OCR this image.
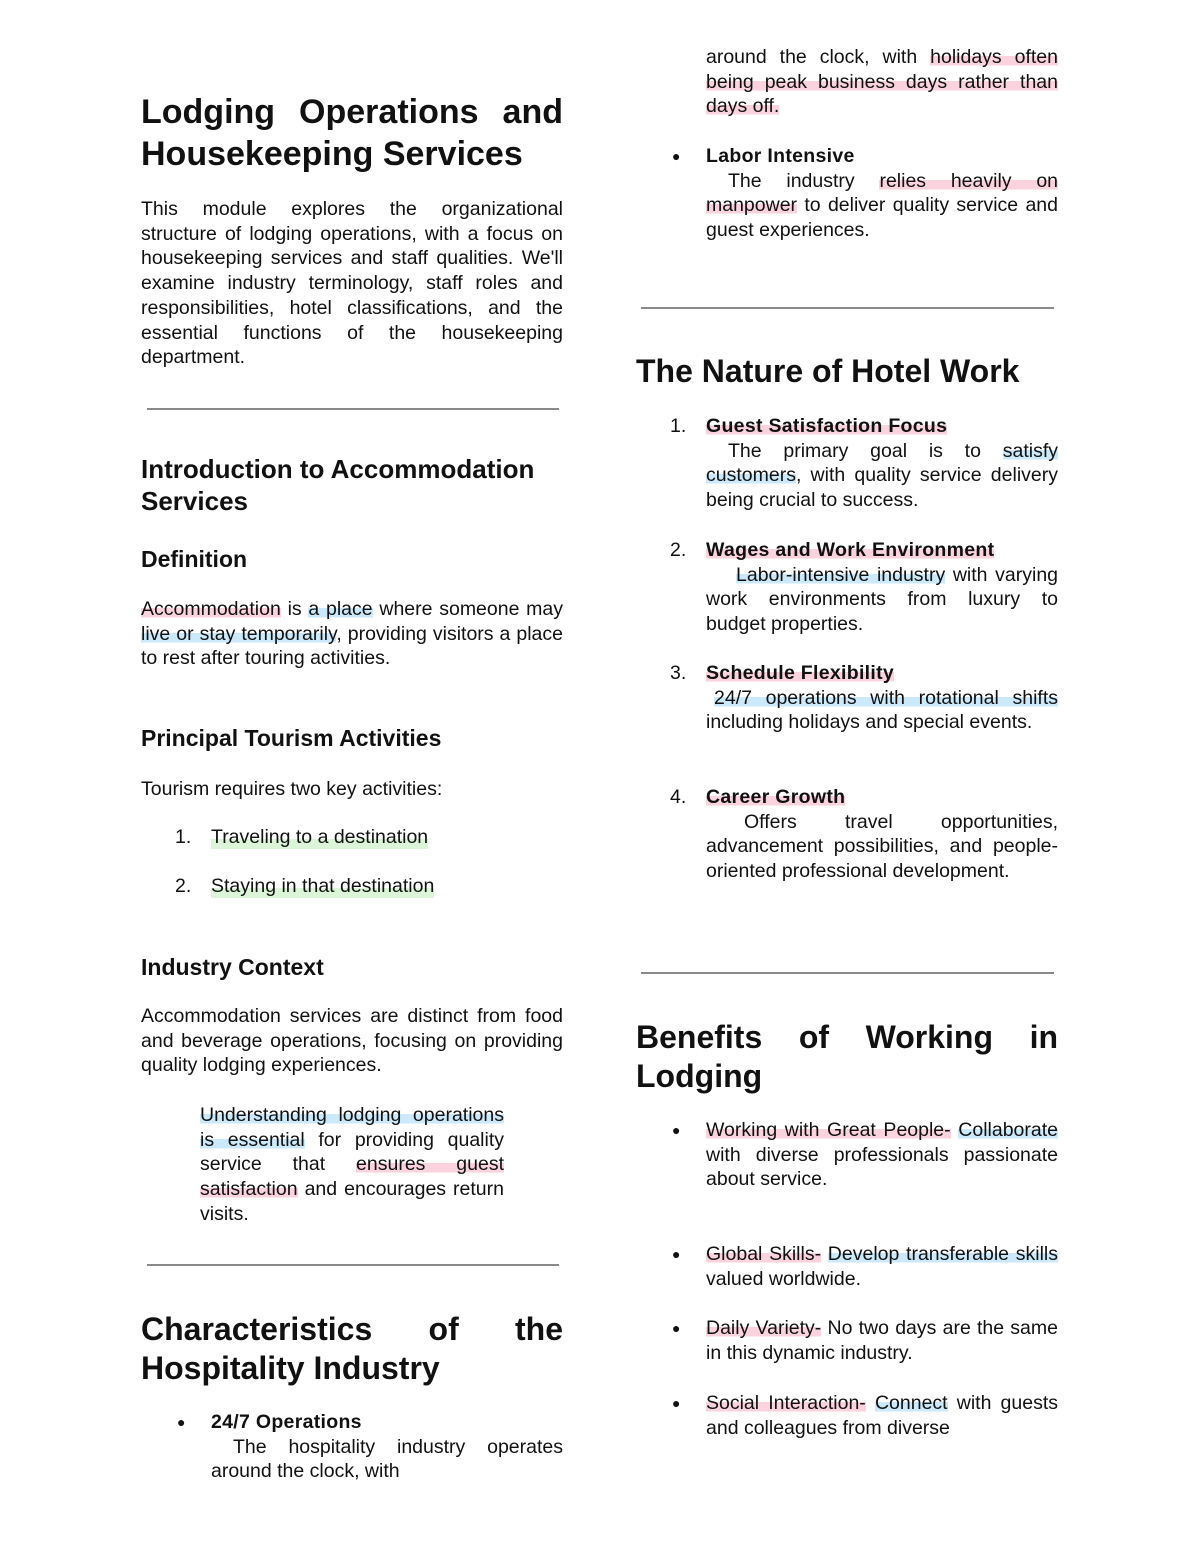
Lodging Operations and Housekeeping Services

This module explores the organizational structure of lodging operations, with a focus on housekeeping services and staff qualities. We'll examine industry terminology, staff roles and responsibilities, hotel classifications, and the essential functions of the housekeeping department.

Introduction to Accommodation Services
Definition

Accommodation is a place where someone may live or stay temporarily, providing visitors a place to rest after touring activities.

Principal Tourism Activities

Tourism requires two key activities:

1. Traveling to a destination
2. Staying in that destination
Industry Context

Accommodation services are distinct from food and beverage operations, focusing on providing quality lodging experiences.

Understanding lodging operations is essential for providing quality service that ensures guest satisfaction and encourages return visits.

Characteristics of the Hospitality Industry
● 24/7 Operations

The hospitality industry operates around the clock, with

around the clock, with holidays often being peak business days rather than days off.

● Labor Intensive

The industry relies heavily on manpower to deliver quality service and guest experiences.

The Nature of Hotel Work
1. Guest Satisfaction Focus

The primary goal is to satisfy customers, with quality service delivery being crucial to success.

2. Wages and Work Environment

Labor-intensive industry with varying work environments from luxury to budget properties.

3. Schedule Flexibility

24/7 operations with rotational shifts including holidays and special events.

4. Career Growth

Offers travel opportunities, advancement possibilities, and people-oriented professional development.

Benefits of Working in Lodging
● Working with Great People- Collaborate with diverse professionals passionate about service.

● Global Skills- Develop transferable skills valued worldwide.

● Daily Variety- No two days are the same in this dynamic industry.

● Social Interaction- Connect with guests and colleagues from diverse
